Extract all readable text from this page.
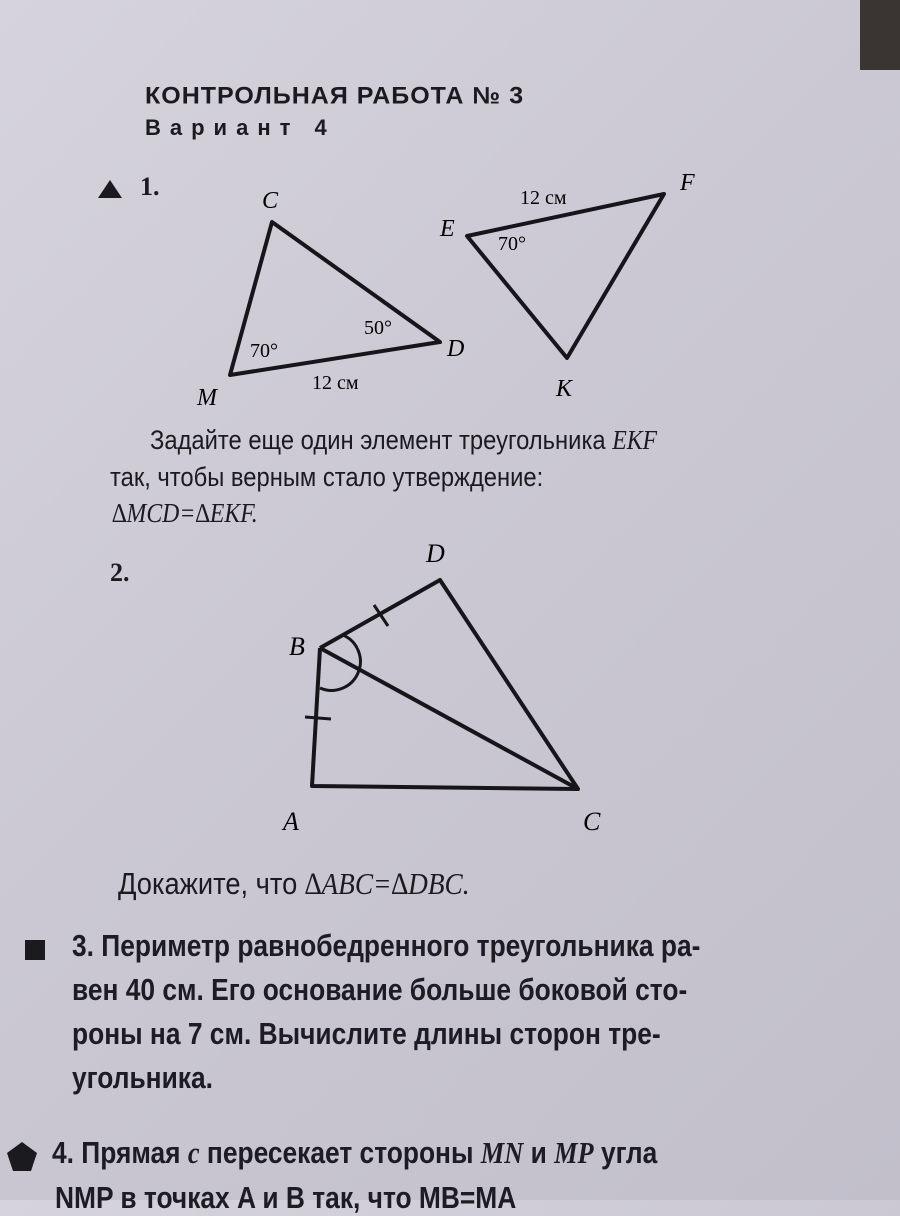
КОНТРОЛЬНАЯ РАБОТА № 3
Вариант 4
1.	C
M
D
70°
50°
12 см
E
F
K
70°
12 см
B
D
A	C
Задайте еще один элемент треугольника EKF
так, чтобы верным стало утверждение:
∆MCD=∆EKF.
2.
Докажите, что ∆ABC=∆DBC.
3. Периметр равнобедренного треугольника ра-
вен 40 см. Его основание больше боковой сто-
роны на 7 см. Вычислите длины сторон тре-
угольника.
4. Прямая c пересекает стороны MN и MP угла
NMP в точках A и B так, что MB=MA
